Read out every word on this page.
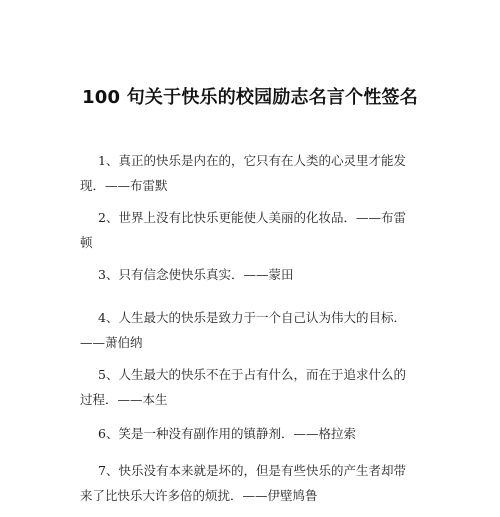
100 句关于快乐的校园励志名言个性签名

1、真正的快乐是内在的，它只有在人类的心灵里才能发
现．——布雷默

2、世界上没有比快乐更能使人美丽的化妆品．——布雷
顿

3、只有信念使快乐真实．——蒙田

4、人生最大的快乐是致力于一个自己认为伟大的目标．
——萧伯纳

5、人生最大的快乐不在于占有什么，而在于追求什么的
过程．——本生

6、笑是一种没有副作用的镇静剂．——格拉索

7、快乐没有本来就是坏的，但是有些快乐的产生者却带
来了比快乐大许多倍的烦扰．——伊壁鸠鲁
